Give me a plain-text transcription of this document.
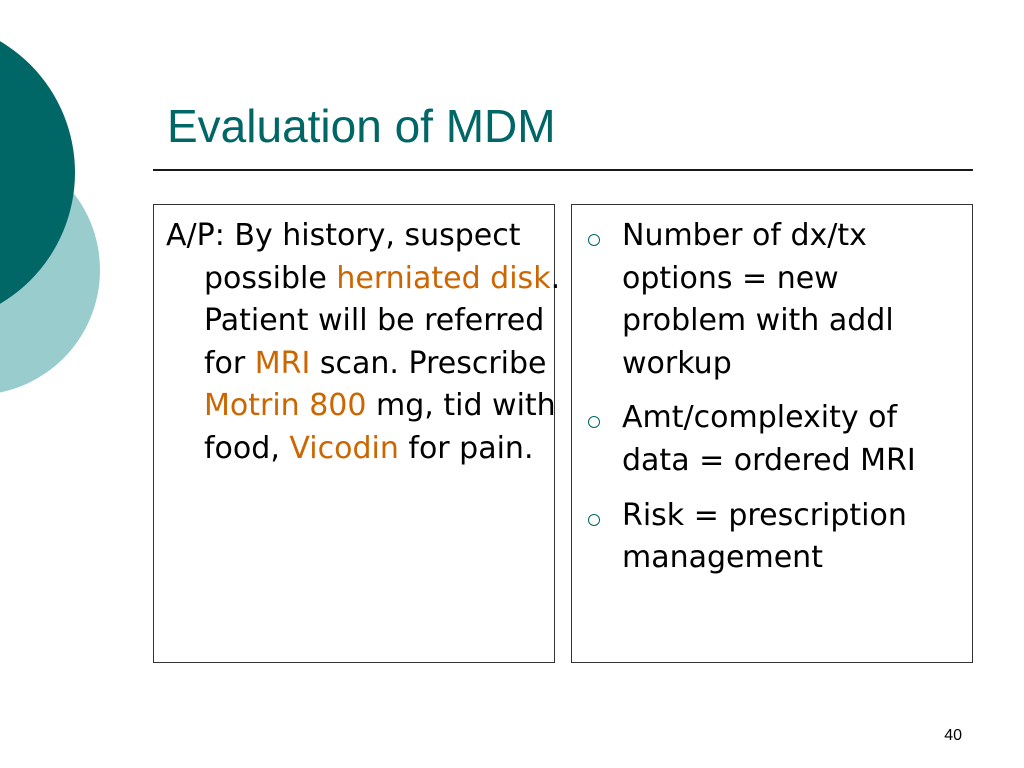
Evaluation of MDM

A/P: By history, suspect possible herniated disk. Patient will be referred for MRI scan. Prescribe Motrin 800 mg, tid with food, Vicodin for pain.

Number of dx/tx options = new problem with addl workup
Amt/complexity of data = ordered MRI
Risk = prescription management
40
